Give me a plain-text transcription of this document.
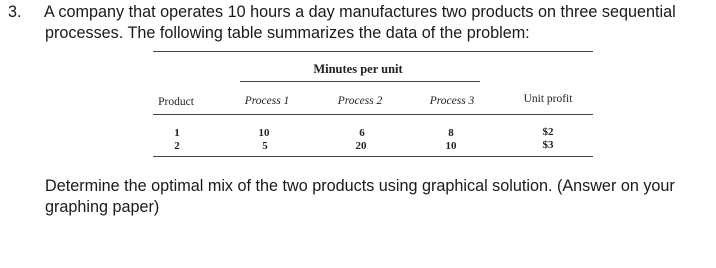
3. A company that operates 10 hours a day manufactures two products on three sequential
processes. The following table summarizes the data of the problem:
Minutes per unit
Product	Process 1	Process 2	Process 3	Unit profit
1	10	6	8	$2
2	5	20	10	$3
Determine the optimal mix of the two products using graphical solution. (Answer on your
graphing paper)
